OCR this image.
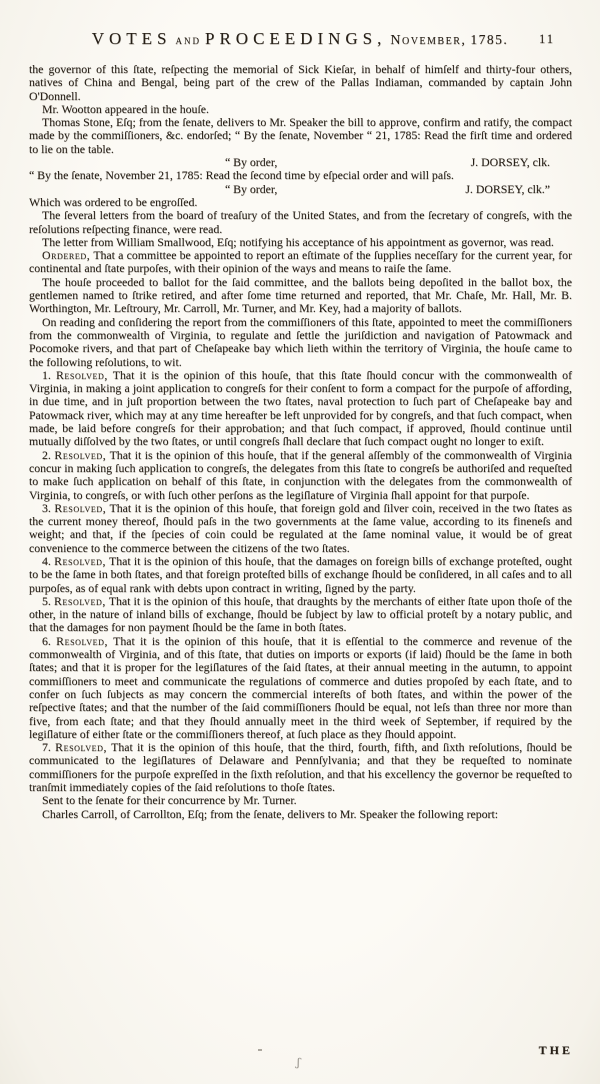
VOTES and PROCEEDINGS, November, 1785. 11

the governor of this ſtate, reſpecting the memorial of Sick Kieſar, in behalf of himſelf and thirty-four others, natives of China and Bengal, being part of the crew of the Pallas Indiaman, commanded by captain John O'Donnell.

Mr. Wootton appeared in the houſe.

Thomas Stone, Eſq; from the ſenate, delivers to Mr. Speaker the bill to approve, confirm and ratify, the compact made by the commiſſioners, &c. endorſed; “ By the ſenate, November “ 21, 1785: Read the firſt time and ordered to lie on the table.

“ By order,	J. DORSEY, clk.

“ By the ſenate, November 21, 1785: Read the ſecond time by eſpecial order and will paſs.

“ By order,	J. DORSEY, clk.”

Which was ordered to be engroſſed.

The ſeveral letters from the board of treaſury of the United States, and from the ſecretary of congreſs, with the reſolutions reſpecting finance, were read.

The letter from William Smallwood, Eſq; notifying his acceptance of his appointment as governor, was read.

Ordered, That a committee be appointed to report an eſtimate of the ſupplies neceſſary for the current year, for continental and ſtate purpoſes, with their opinion of the ways and means to raiſe the ſame.

The houſe proceeded to ballot for the ſaid committee, and the ballots being depoſited in the ballot box, the gentlemen named to ſtrike retired, and after ſome time returned and reported, that Mr. Chaſe, Mr. Hall, Mr. B. Worthington, Mr. Leſtroury, Mr. Carroll, Mr. Turner, and Mr. Key, had a majority of ballots.

On reading and conſidering the report from the commiſſioners of this ſtate, appointed to meet the commiſſioners from the commonwealth of Virginia, to regulate and ſettle the juriſdiction and navigation of Patowmack and Pocomoke rivers, and that part of Cheſapeake bay which lieth within the territory of Virginia, the houſe came to the following reſolutions, to wit.

1. Resolved, That it is the opinion of this houſe, that this ſtate ſhould concur with the commonwealth of Virginia, in making a joint application to congreſs for their conſent to form a compact for the purpoſe of affording, in due time, and in juſt proportion between the two ſtates, naval protection to ſuch part of Cheſapeake bay and Patowmack river, which may at any time hereafter be left unprovided for by congreſs, and that ſuch compact, when made, be laid before congreſs for their approbation; and that ſuch compact, if approved, ſhould continue until mutually diſſolved by the two ſtates, or until congreſs ſhall declare that ſuch compact ought no longer to exiſt.

2. Resolved, That it is the opinion of this houſe, that if the general aſſembly of the commonwealth of Virginia concur in making ſuch application to congreſs, the delegates from this ſtate to congreſs be authoriſed and requeſted to make ſuch application on behalf of this ſtate, in conjunction with the delegates from the commonwealth of Virginia, to congreſs, or with ſuch other perſons as the legiſlature of Virginia ſhall appoint for that purpoſe.

3. Resolved, That it is the opinion of this houſe, that foreign gold and ſilver coin, received in the two ſtates as the current money thereof, ſhould paſs in the two governments at the ſame value, according to its fineneſs and weight; and that, if the ſpecies of coin could be regulated at the ſame nominal value, it would be of great convenience to the commerce between the citizens of the two ſtates.

4. Resolved, That it is the opinion of this houſe, that the damages on foreign bills of exchange proteſted, ought to be the ſame in both ſtates, and that foreign proteſted bills of exchange ſhould be conſidered, in all caſes and to all purpoſes, as of equal rank with debts upon contract in writing, ſigned by the party.

5. Resolved, That it is the opinion of this houſe, that draughts by the merchants of either ſtate upon thoſe of the other, in the nature of inland bills of exchange, ſhould be ſubject by law to official proteſt by a notary public, and that the damages for non payment ſhould be the ſame in both ſtates.

6. Resolved, That it is the opinion of this houſe, that it is eſſential to the commerce and revenue of the commonwealth of Virginia, and of this ſtate, that duties on imports or exports (if laid) ſhould be the ſame in both ſtates; and that it is proper for the legiſlatures of the ſaid ſtates, at their annual meeting in the autumn, to appoint commiſſioners to meet and communicate the regulations of commerce and duties propoſed by each ſtate, and to confer on ſuch ſubjects as may concern the commercial intereſts of both ſtates, and within the power of the reſpective ſtates; and that the number of the ſaid commiſſioners ſhould be equal, not leſs than three nor more than five, from each ſtate; and that they ſhould annually meet in the third week of September, if required by the legiſlature of either ſtate or the commiſſioners thereof, at ſuch place as they ſhould appoint.

7. Resolved, That it is the opinion of this houſe, that the third, fourth, fifth, and ſixth reſolutions, ſhould be communicated to the legiſlatures of Delaware and Pennſylvania; and that they be requeſted to nominate commiſſioners for the purpoſe expreſſed in the ſixth reſolution, and that his excellency the governor be requeſted to tranſmit immediately copies of the ſaid reſolutions to thoſe ſtates.

Sent to the ſenate for their concurrence by Mr. Turner.

Charles Carroll, of Carrollton, Eſq; from the ſenate, delivers to Mr. Speaker the following report:

THE
ʃ
